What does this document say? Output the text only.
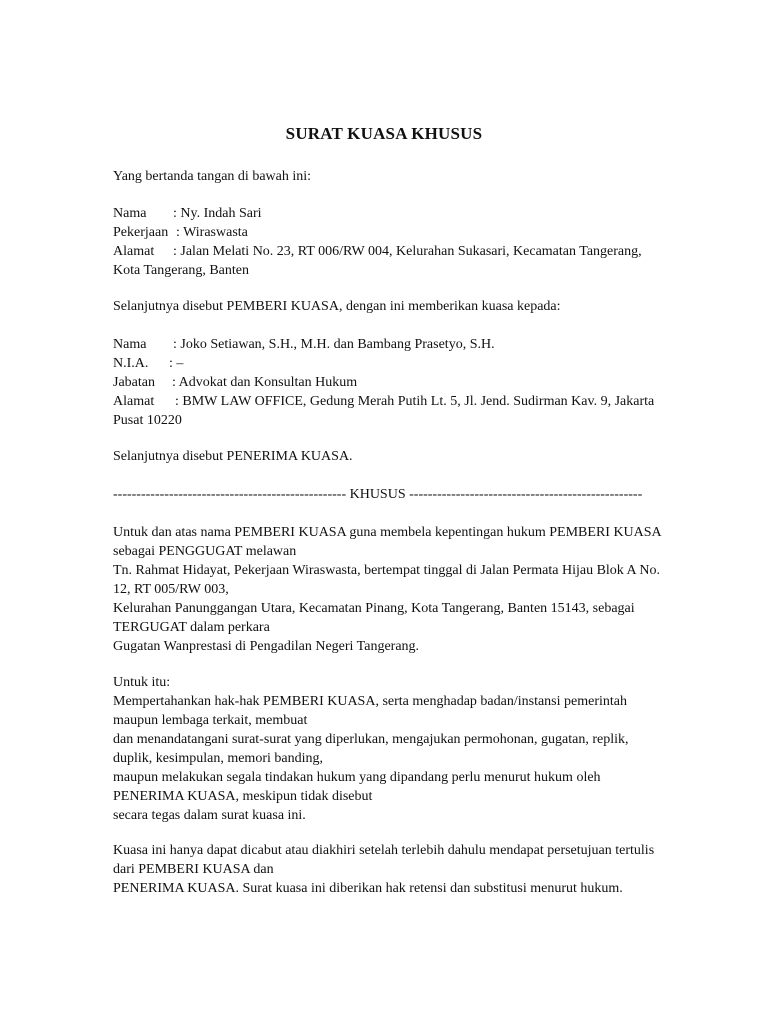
SURAT KUASA KHUSUS
Yang bertanda tangan di bawah ini:
Nama : Ny. Indah Sari
Pekerjaan : Wiraswasta
Alamat : Jalan Melati No. 23, RT 006/RW 004, Kelurahan Sukasari, Kecamatan Tangerang,
Kota Tangerang, Banten
Selanjutnya disebut PEMBERI KUASA, dengan ini memberikan kuasa kepada:
Nama : Joko Setiawan, S.H., M.H. dan Bambang Prasetyo, S.H.
N.I.A. : –
Jabatan : Advokat dan Konsultan Hukum
Alamat : BMW LAW OFFICE, Gedung Merah Putih Lt. 5, Jl. Jend. Sudirman Kav. 9, Jakarta
Pusat 10220
Selanjutnya disebut PENERIMA KUASA.
-------------------------------------------------- KHUSUS --------------------------------------------------
Untuk dan atas nama PEMBERI KUASA guna membela kepentingan hukum PEMBERI KUASA
sebagai PENGGUGAT melawan
Tn. Rahmat Hidayat, Pekerjaan Wiraswasta, bertempat tinggal di Jalan Permata Hijau Blok A No.
12, RT 005/RW 003,
Kelurahan Panunggangan Utara, Kecamatan Pinang, Kota Tangerang, Banten 15143, sebagai
TERGUGAT dalam perkara
Gugatan Wanprestasi di Pengadilan Negeri Tangerang.
Untuk itu:
Mempertahankan hak-hak PEMBERI KUASA, serta menghadap badan/instansi pemerintah
maupun lembaga terkait, membuat
dan menandatangani surat-surat yang diperlukan, mengajukan permohonan, gugatan, replik,
duplik, kesimpulan, memori banding,
maupun melakukan segala tindakan hukum yang dipandang perlu menurut hukum oleh
PENERIMA KUASA, meskipun tidak disebut
secara tegas dalam surat kuasa ini.
Kuasa ini hanya dapat dicabut atau diakhiri setelah terlebih dahulu mendapat persetujuan tertulis
dari PEMBERI KUASA dan
PENERIMA KUASA. Surat kuasa ini diberikan hak retensi dan substitusi menurut hukum.
